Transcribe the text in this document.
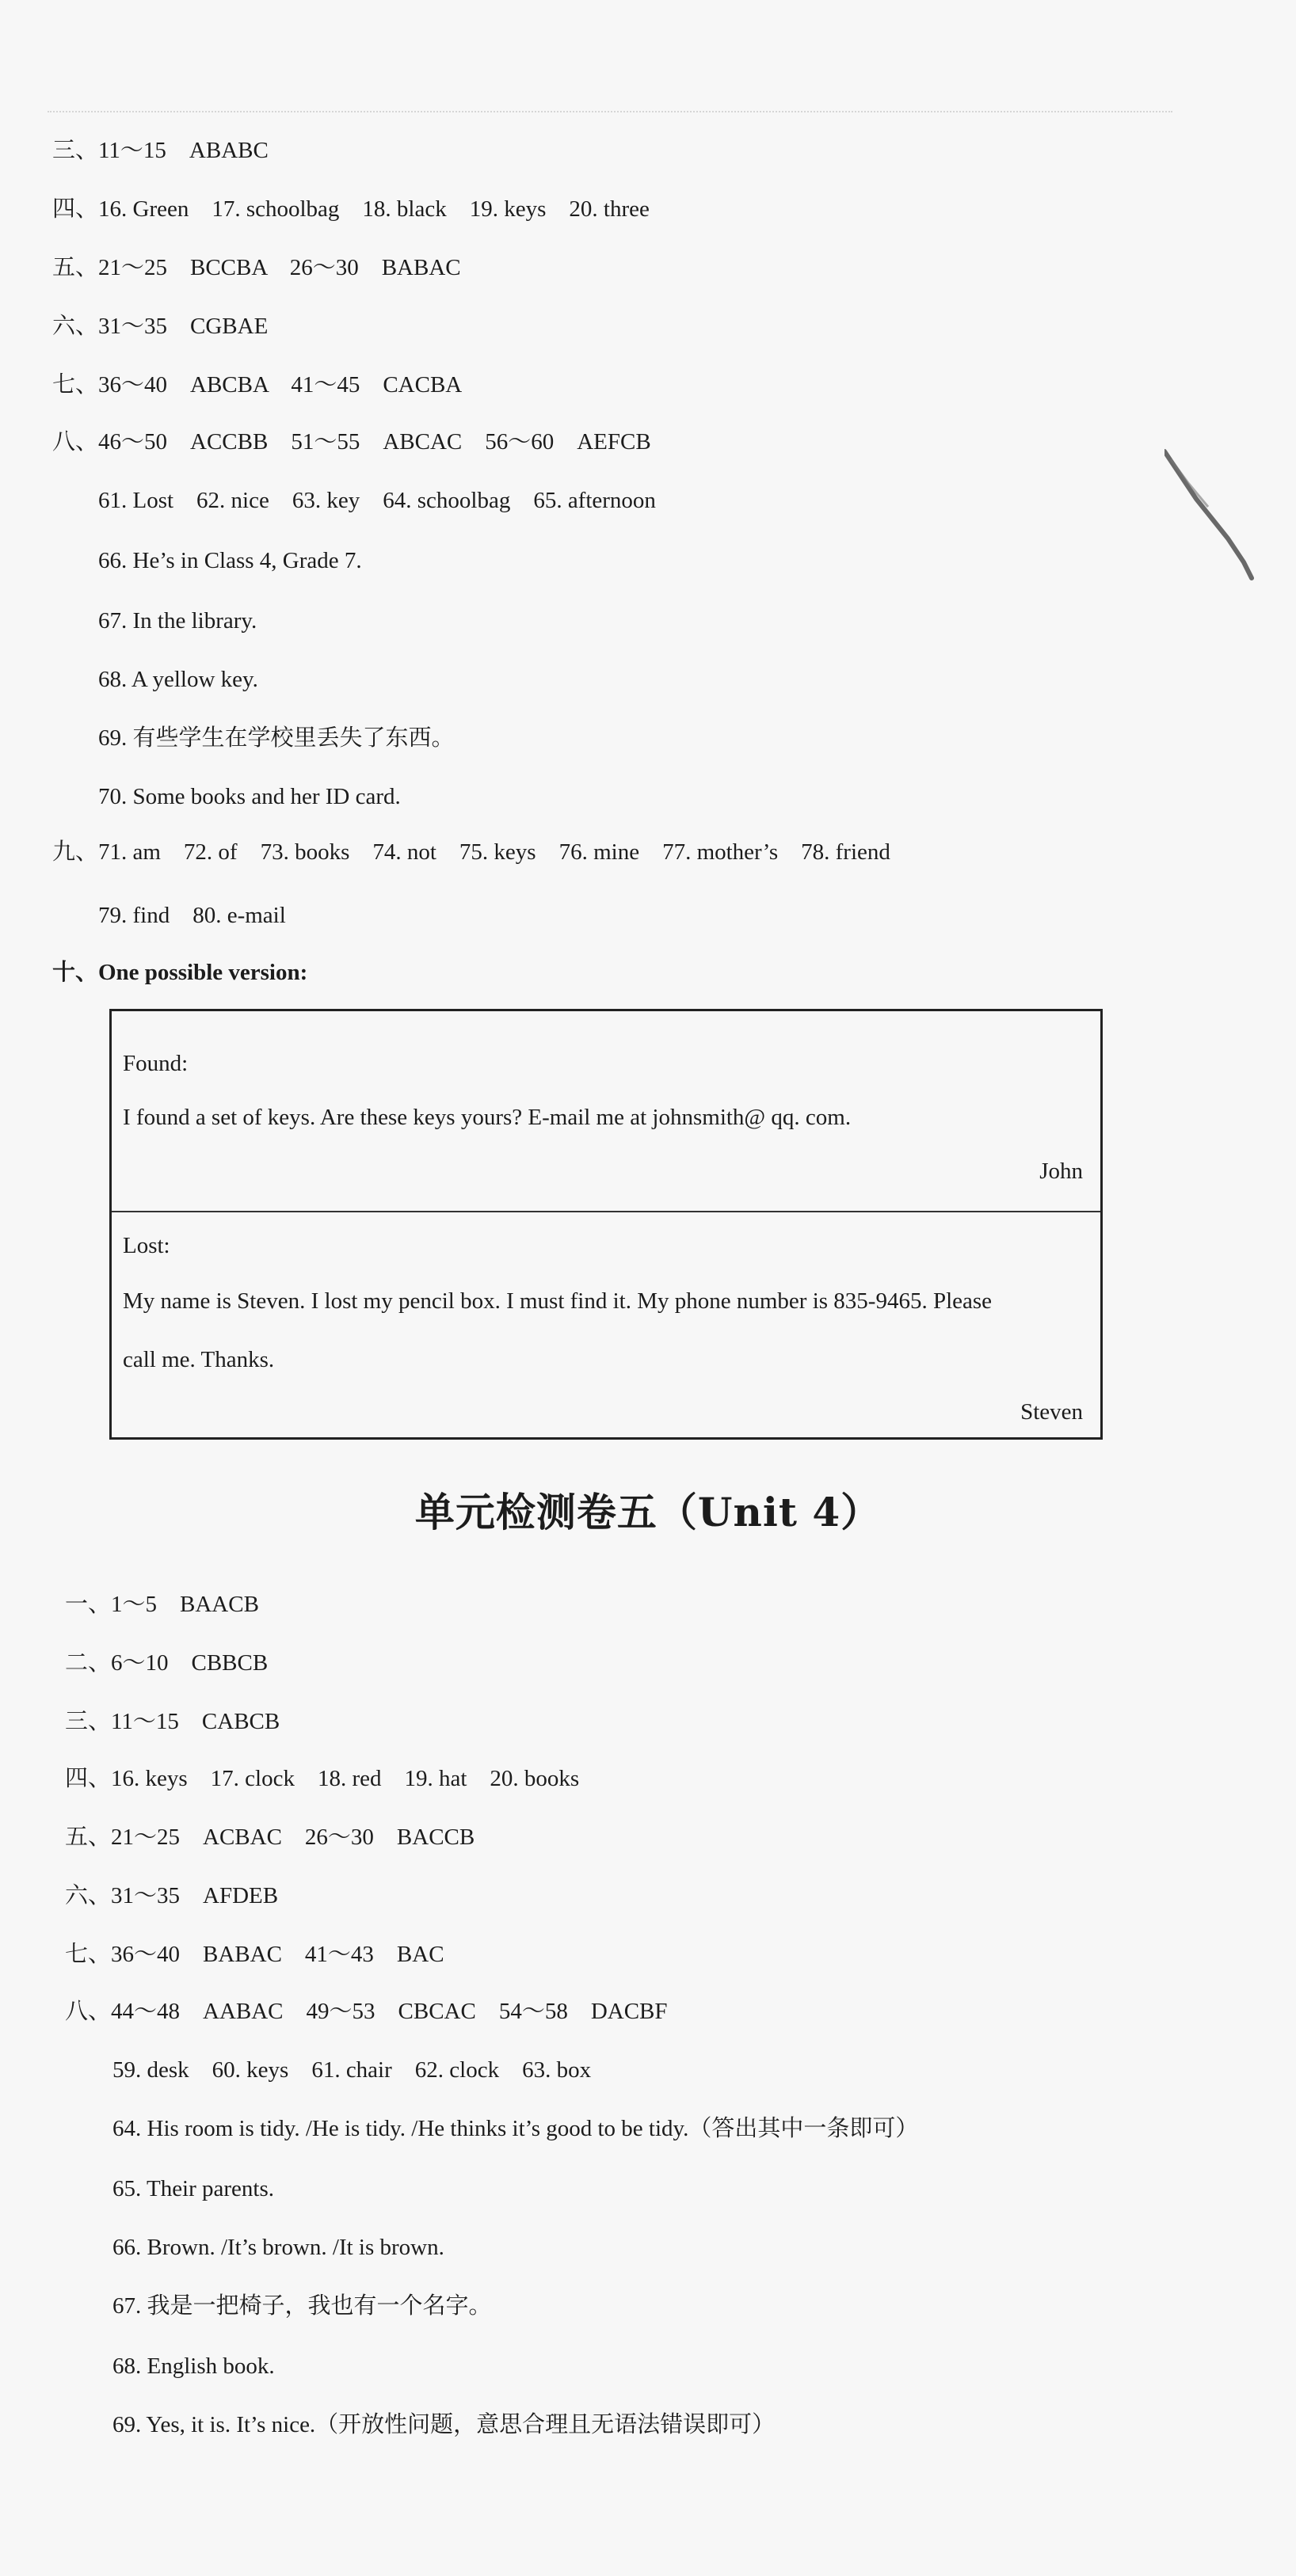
三、11～15　ABABC
四、16. Green　17. schoolbag　18. black　19. keys　20. three
五、21～25　BCCBA　26～30　BABAC
六、31～35　CGBAE
七、36～40　ABCBA　41～45　CACBA
八、46～50　ACCBB　51～55　ABCAC　56～60　AEFCB
61. Lost　62. nice　63. key　64. schoolbag　65. afternoon
66. He’s in Class 4, Grade 7.
67. In the library.
68. A yellow key.
69. 有些学生在学校里丢失了东西。
70. Some books and her ID card.
九、71. am　72. of　73. books　74. not　75. keys　76. mine　77. mother’s　78. friend
79. find　80. e-mail
十、One possible version:
Found:
I found a set of keys. Are these keys yours? E-mail me at johnsmith@ qq. com.
John
Lost:
My name is Steven. I lost my pencil box. I must find it. My phone number is 835-9465. Please
call me. Thanks.
Steven
单元检测卷五（Unit 4）
一、1～5　BAACB
二、6～10　CBBCB
三、11～15　CABCB
四、16. keys　17. clock　18. red　19. hat　20. books
五、21～25　ACBAC　26～30　BACCB
六、31～35　AFDEB
七、36～40　BABAC　41～43　BAC
八、44～48　AABAC　49～53　CBCAC　54～58　DACBF
59. desk　60. keys　61. chair　62. clock　63. box
64. His room is tidy. /He is tidy. /He thinks it’s good to be tidy.（答出其中一条即可）
65. Their parents.
66. Brown. /It’s brown. /It is brown.
67. 我是一把椅子，我也有一个名字。
68. English book.
69. Yes, it is. It’s nice.（开放性问题，意思合理且无语法错误即可）
